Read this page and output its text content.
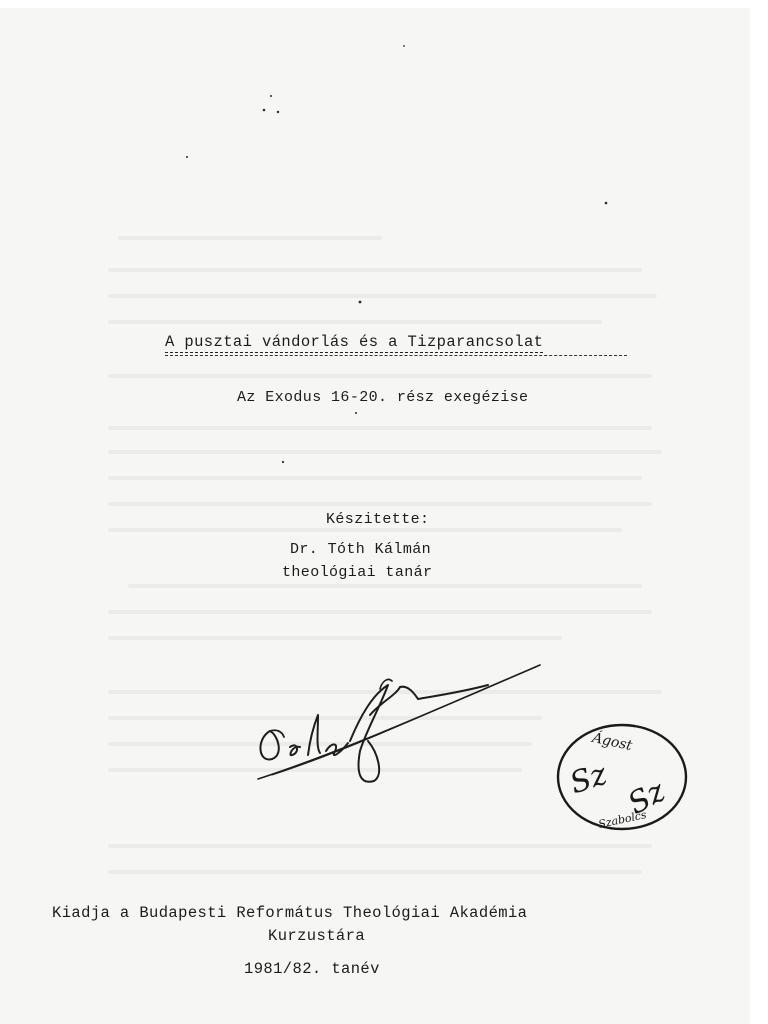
A pusztai vándorlás és a Tizparancsolat
Az Exodus 16-20. rész exegézise
Készitette:
Dr. Tóth Kálmán
theológiai tanár
Ágost
Sz Sz
Szabolcs
Kiadja a Budapesti Református Theológiai Akadémia
Kurzustára
1981/82. tanév
